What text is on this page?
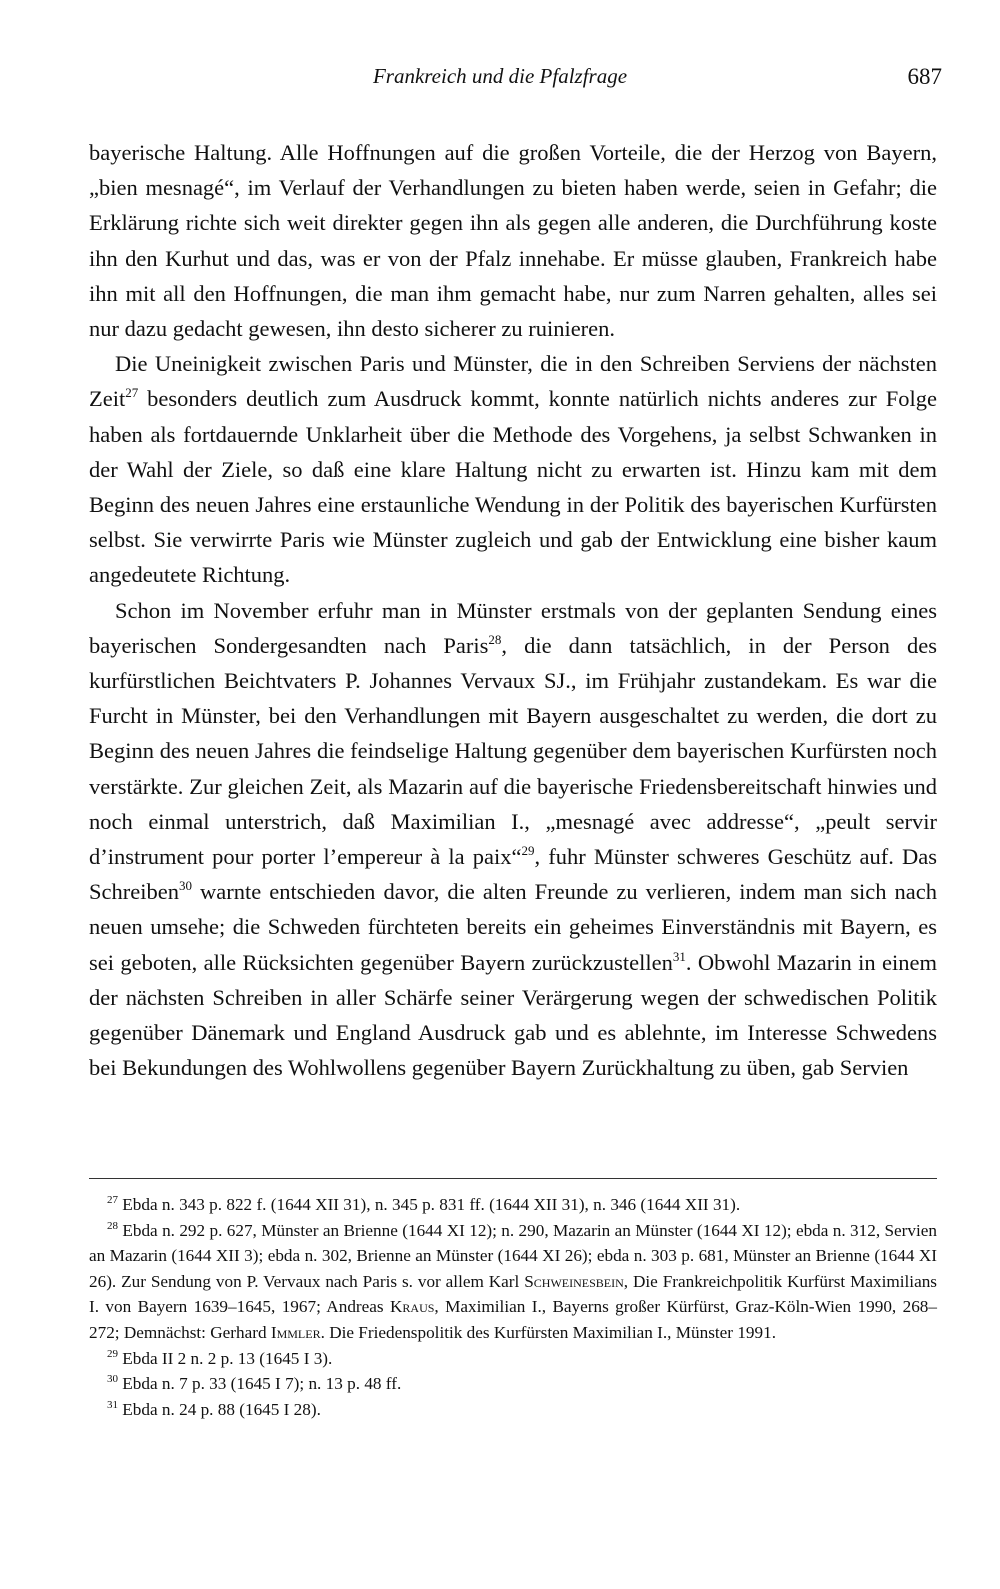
Frankreich und die Pfalzfrage	687

bayerische Haltung. Alle Hoffnungen auf die großen Vorteile, die der Herzog von Bayern, „bien mesnagé“, im Verlauf der Verhandlungen zu bieten haben werde, seien in Gefahr; die Erklärung richte sich weit direkter gegen ihn als gegen alle anderen, die Durchführung koste ihn den Kurhut und das, was er von der Pfalz innehabe. Er müsse glauben, Frankreich habe ihn mit all den Hoffnungen, die man ihm gemacht habe, nur zum Narren gehalten, alles sei nur dazu gedacht gewesen, ihn desto sicherer zu ruinieren.

Die Uneinigkeit zwischen Paris und Münster, die in den Schreiben Serviens der nächsten Zeit$^{27}$ besonders deutlich zum Ausdruck kommt, konnte natürlich nichts anderes zur Folge haben als fortdauernde Unklarheit über die Methode des Vorgehens, ja selbst Schwanken in der Wahl der Ziele, so daß eine klare Haltung nicht zu erwarten ist. Hinzu kam mit dem Beginn des neuen Jahres eine erstaunliche Wendung in der Politik des bayerischen Kurfürsten selbst. Sie verwirrte Paris wie Münster zugleich und gab der Entwicklung eine bisher kaum angedeutete Richtung.

Schon im November erfuhr man in Münster erstmals von der geplanten Sendung eines bayerischen Sondergesandten nach Paris$^{28}$, die dann tatsächlich, in der Person des kurfürstlichen Beichtvaters P. Johannes Vervaux SJ., im Frühjahr zustandekam. Es war die Furcht in Münster, bei den Verhandlungen mit Bayern ausgeschaltet zu werden, die dort zu Beginn des neuen Jahres die feindselige Haltung gegenüber dem bayerischen Kurfürsten noch verstärkte. Zur gleichen Zeit, als Mazarin auf die bayerische Friedensbereitschaft hinwies und noch einmal unterstrich, daß Maximilian I., „mesnagé avec addresse“, „peult servir d’instrument pour porter l’empereur à la paix“$^{29}$, fuhr Münster schweres Geschütz auf. Das Schreiben$^{30}$ warnte entschieden davor, die alten Freunde zu verlieren, indem man sich nach neuen umsehe; die Schweden fürchteten bereits ein geheimes Einverständnis mit Bayern, es sei geboten, alle Rücksichten gegenüber Bayern zurückzustellen$^{31}$. Obwohl Mazarin in einem der nächsten Schreiben in aller Schärfe seiner Verärgerung wegen der schwedischen Politik gegenüber Dänemark und England Ausdruck gab und es ablehnte, im Interesse Schwedens bei Bekundungen des Wohlwollens gegenüber Bayern Zurückhaltung zu üben, gab Servien

$^{27}$ Ebda n. 343 p. 822 f. (1644 XII 31), n. 345 p. 831 ff. (1644 XII 31), n. 346 (1644 XII 31).

$^{28}$ Ebda n. 292 p. 627, Münster an Brienne (1644 XI 12); n. 290, Mazarin an Münster (1644 XI 12); ebda n. 312, Servien an Mazarin (1644 XII 3); ebda n. 302, Brienne an Münster (1644 XI 26); ebda n. 303 p. 681, Münster an Brienne (1644 XI 26). Zur Sendung von P. Vervaux nach Paris s. vor allem Karl Schweinesbein, Die Frankreichpolitik Kurfürst Maximilians I. von Bayern 1639–1645, 1967; Andreas Kraus, Maximilian I., Bayerns großer Kürfürst, Graz-Köln-Wien 1990, 268–272; Demnächst: Gerhard Immler. Die Friedenspolitik des Kurfürsten Maximilian I., Münster 1991.

$^{29}$ Ebda II 2 n. 2 p. 13 (1645 I 3).

$^{30}$ Ebda n. 7 p. 33 (1645 I 7); n. 13 p. 48 ff.

$^{31}$ Ebda n. 24 p. 88 (1645 I 28).
